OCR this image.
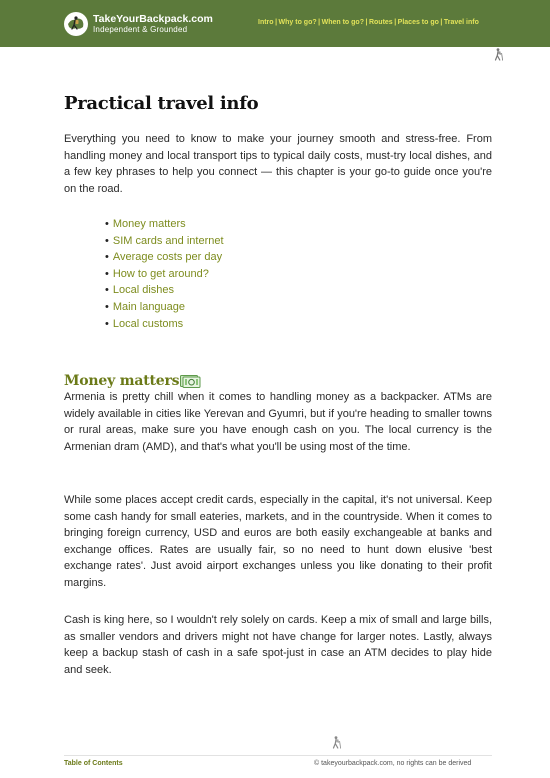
TakeYourBackpack.com
Independent & Grounded
Intro | Why to go? | When to go? | Routes | Places to go | Travel info
Practical travel info

Everything you need to know to make your journey smooth and stress-free. From handling money and local transport tips to typical daily costs, must-try local dishes, and a few key phrases to help you connect — this chapter is your go-to guide once you're on the road.

• Money matters
• SIM cards and internet
• Average costs per day
• How to get around?
• Local dishes
• Main language
• Local customs
Money matters

Armenia is pretty chill when it comes to handling money as a backpacker. ATMs are widely available in cities like Yerevan and Gyumri, but if you're heading to smaller towns or rural areas, make sure you have enough cash on you. The local currency is the Armenian dram (AMD), and that's what you'll be using most of the time.

While some places accept credit cards, especially in the capital, it's not universal. Keep some cash handy for small eateries, markets, and in the countryside. When it comes to bringing foreign currency, USD and euros are both easily exchangeable at banks and exchange offices. Rates are usually fair, so no need to hunt down elusive 'best exchange rates'. Just avoid airport exchanges unless you like donating to their profit margins.

Cash is king here, so I wouldn't rely solely on cards. Keep a mix of small and large bills, as smaller vendors and drivers might not have change for larger notes. Lastly, always keep a backup stash of cash in a safe spot-just in case an ATM decides to play hide and seek.

Table of Contents	© takeyourbackpack.com, no rights can be derived
